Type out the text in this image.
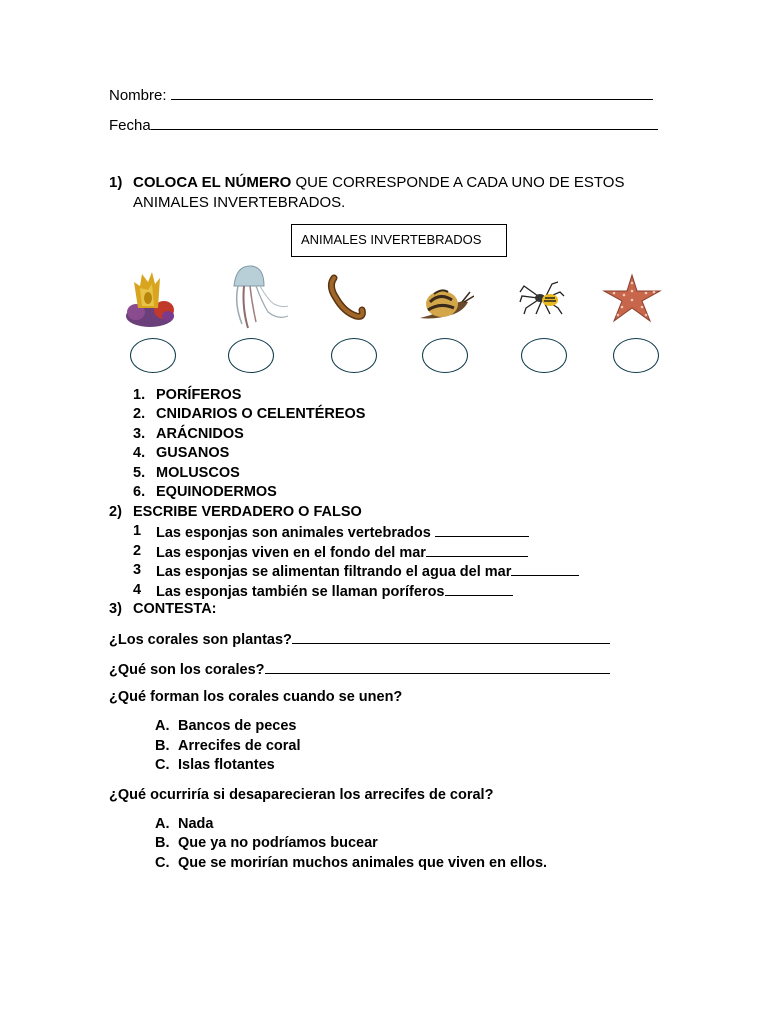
Nombre:
Fecha
1) COLOCA EL NÚMERO QUE CORRESPONDE A CADA UNO DE ESTOS
ANIMALES INVERTEBRADOS.
ANIMALES INVERTEBRADOS
1. PORÍFEROS
2. CNIDARIOS O CELENTÉREOS
3. ARÁCNIDOS
4. GUSANOS
5. MOLUSCOS
6. EQUINODERMOS
2) ESCRIBE VERDADERO O FALSO
1 Las esponjas son animales vertebrados
2 Las esponjas viven en el fondo del mar
3 Las esponjas se alimentan filtrando el agua del mar
4 Las esponjas también se llaman poríferos
3) CONTESTA:
¿Los corales son plantas?
¿Qué son los corales?
¿Qué forman los corales cuando se unen?
A. Bancos de peces
B. Arrecifes de coral
C. Islas flotantes
¿Qué ocurriría si desaparecieran los arrecifes de coral?
A. Nada
B. Que ya no podríamos bucear
C. Que se morirían muchos animales que viven en ellos.
